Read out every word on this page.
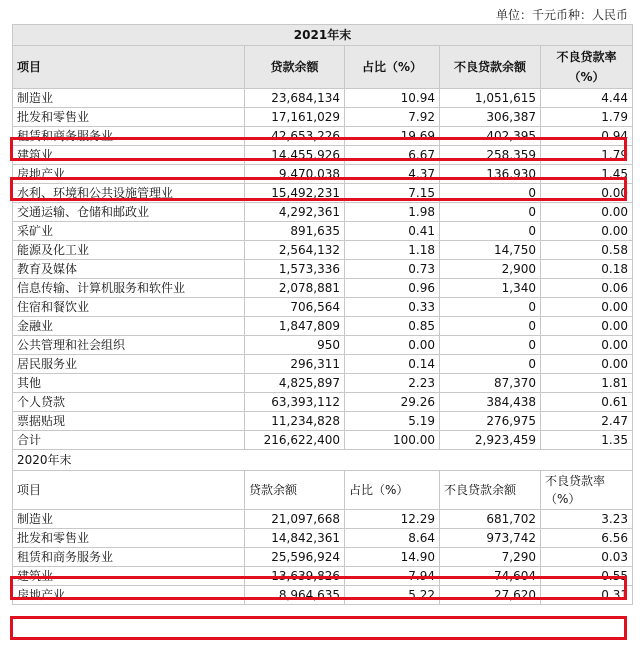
单位：千元币种：人民币
2021年末				
项目	贷款余额	占比（%）	不良贷款余额	不良贷款率（%）
制造业	23,684,134	10.94	1,051,615	4.44
批发和零售业	17,161,029	7.92	306,387	1.79
租赁和商务服务业	42,653,226	19.69	402,395	0.94
建筑业	14,455,926	6.67	258,359	1.79
房地产业	9,470,038	4.37	136,930	1.45
水利、环境和公共设施管理业	15,492,231	7.15	0	0.00
交通运输、仓储和邮政业	4,292,361	1.98	0	0.00
采矿业	891,635	0.41	0	0.00
能源及化工业	2,564,132	1.18	14,750	0.58
教育及媒体	1,573,336	0.73	2,900	0.18
信息传输、计算机服务和软件业	2,078,881	0.96	1,340	0.06
住宿和餐饮业	706,564	0.33	0	0.00
金融业	1,847,809	0.85	0	0.00
公共管理和社会组织	950	0.00	0	0.00
居民服务业	296,311	0.14	0	0.00
其他	4,825,897	2.23	87,370	1.81
个人贷款	63,393,112	29.26	384,438	0.61
票据贴现	11,234,828	5.19	276,975	2.47
合计	216,622,400	100.00	2,923,459	1.35
2020年末				
项目	贷款余额	占比（%）	不良贷款余额	不良贷款率（%）
制造业	21,097,668	12.29	681,702	3.23
批发和零售业	14,842,361	8.64	973,742	6.56
租赁和商务服务业	25,596,924	14.90	7,290	0.03
建筑业	13,639,826	7.94	74,604	0.55
房地产业	8,964,635	5.22	27,620	0.31
